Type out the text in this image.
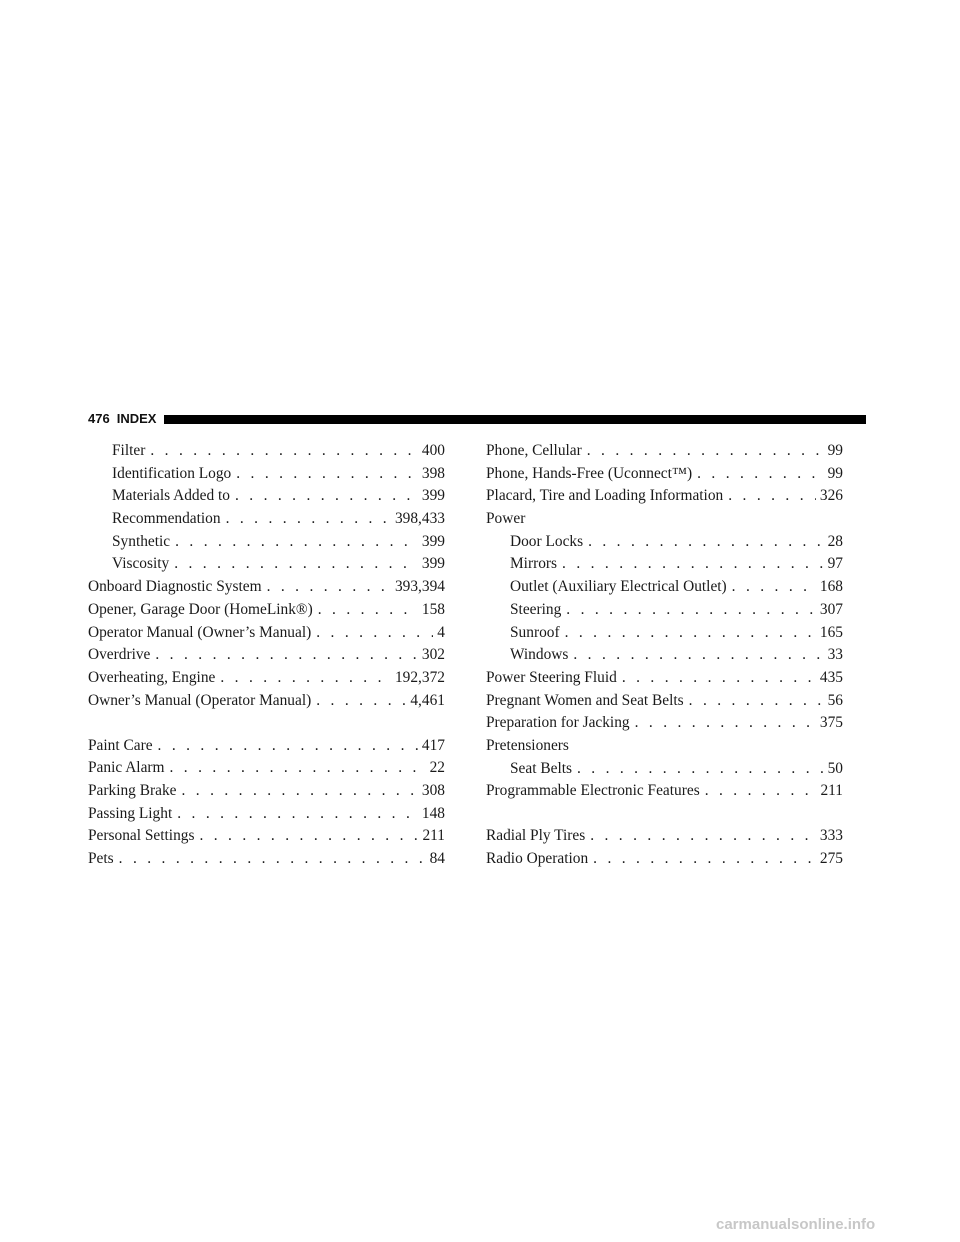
476 INDEX
Filter . . .	400
Identification Logo . . .	398
Materials Added to . . .	399
Recommendation . . .	398,433
Synthetic . . .	399
Viscosity . . .	399
Onboard Diagnostic System . . .	393,394
Opener, Garage Door (HomeLink®) . . .	158
Operator Manual (Owner’s Manual) . . .	4
Overdrive . . .	302
Overheating, Engine . . .	192,372
Owner’s Manual (Operator Manual) . . .	4,461
Paint Care . . .	417
Panic Alarm . . .	22
Parking Brake . . .	308
Passing Light . . .	148
Personal Settings . . .	211
Pets . . .	84
Phone, Cellular . . .	99
Phone, Hands-Free (Uconnect™) . . .	99
Placard, Tire and Loading Information . . .	326
Power
Door Locks . . .	28
Mirrors . . .	97
Outlet (Auxiliary Electrical Outlet) . . .	168
Steering . . .	307
Sunroof . . .	165
Windows . . .	33
Power Steering Fluid . . .	435
Pregnant Women and Seat Belts . . .	56
Preparation for Jacking . . .	375
Pretensioners
Seat Belts . . .	50
Programmable Electronic Features . . .	211
Radial Ply Tires . . .	333
Radio Operation . . .	275
carmanualsonline.info
